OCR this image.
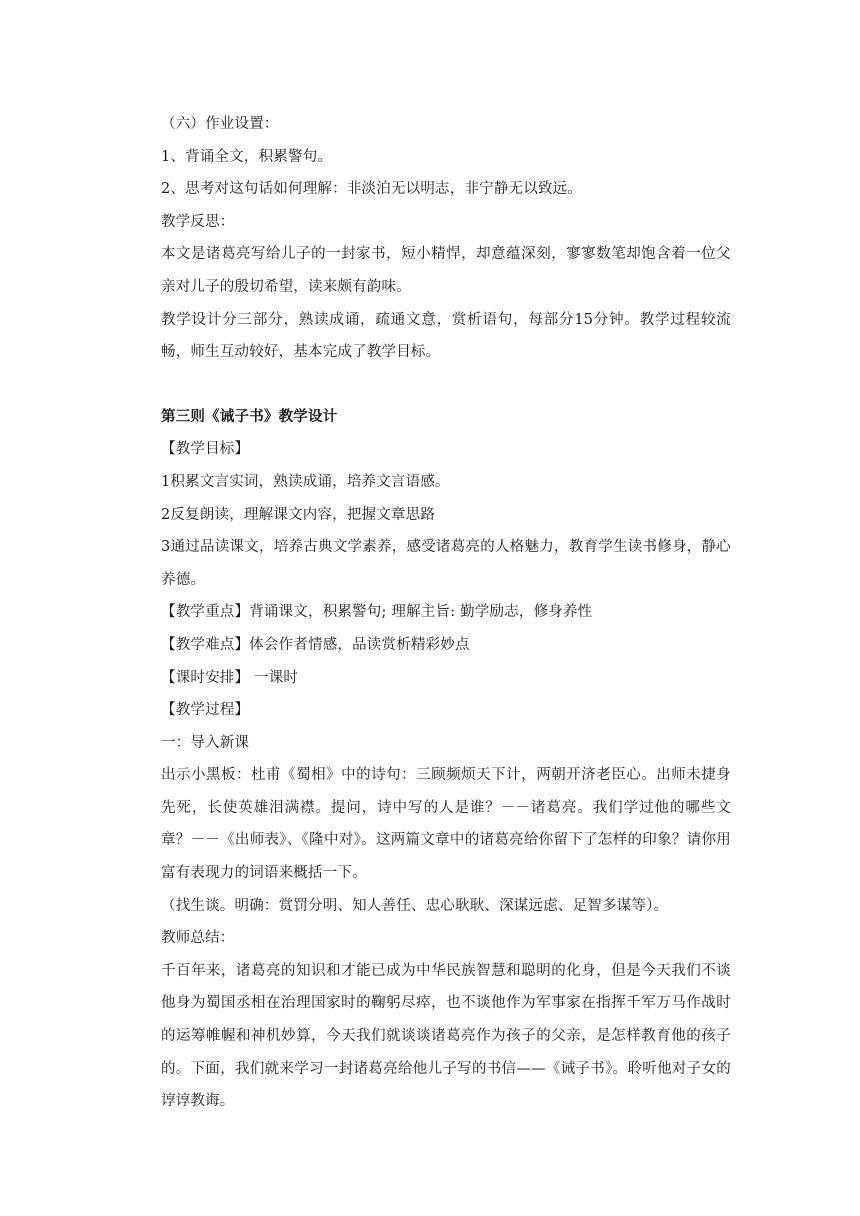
（六）作业设置：

1、背诵全文，积累警句。

2、思考对这句话如何理解：非淡泊无以明志，非宁静无以致远。

教学反思：

本文是诸葛亮写给儿子的一封家书，短小精悍，却意蕴深刻，寥寥数笔却饱含着一位父亲对儿子的殷切希望，读来颇有韵味。

教学设计分三部分，熟读成诵，疏通文意，赏析语句，每部分15分钟。教学过程较流畅，师生互动较好，基本完成了教学目标。

第三则《诫子书》教学设计

【教学目标】

1积累文言实词，熟读成诵，培养文言语感。

2反复朗读，理解课文内容，把握文章思路

3通过品读课文，培养古典文学素养，感受诸葛亮的人格魅力，教育学生读书修身，静心养德。

【教学重点】背诵课文，积累警句; 理解主旨: 勤学励志，修身养性

【教学难点】体会作者情感，品读赏析精彩妙点

【课时安排】 一课时

【教学过程】

一：导入新课

出示小黑板：杜甫《蜀相》中的诗句：三顾频烦天下计，两朝开济老臣心。出师未捷身先死，长使英雄泪满襟。提问，诗中写的人是谁？－－诸葛亮。我们学过他的哪些文章？－－《出师表》、《隆中对》。这两篇文章中的诸葛亮给你留下了怎样的印象？请你用富有表现力的词语来概括一下。

（找生谈。明确：赏罚分明、知人善任、忠心耿耿、深谋远虑、足智多谋等）。

教师总结：

千百年来，诸葛亮的知识和才能已成为中华民族智慧和聪明的化身，但是今天我们不谈他身为蜀国丞相在治理国家时的鞠躬尽瘁，也不谈他作为军事家在指挥千军万马作战时的运筹帷幄和神机妙算，今天我们就谈谈诸葛亮作为孩子的父亲，是怎样教育他的孩子的。下面，我们就来学习一封诸葛亮给他儿子写的书信——《诫子书》。聆听他对子女的谆谆教诲。
